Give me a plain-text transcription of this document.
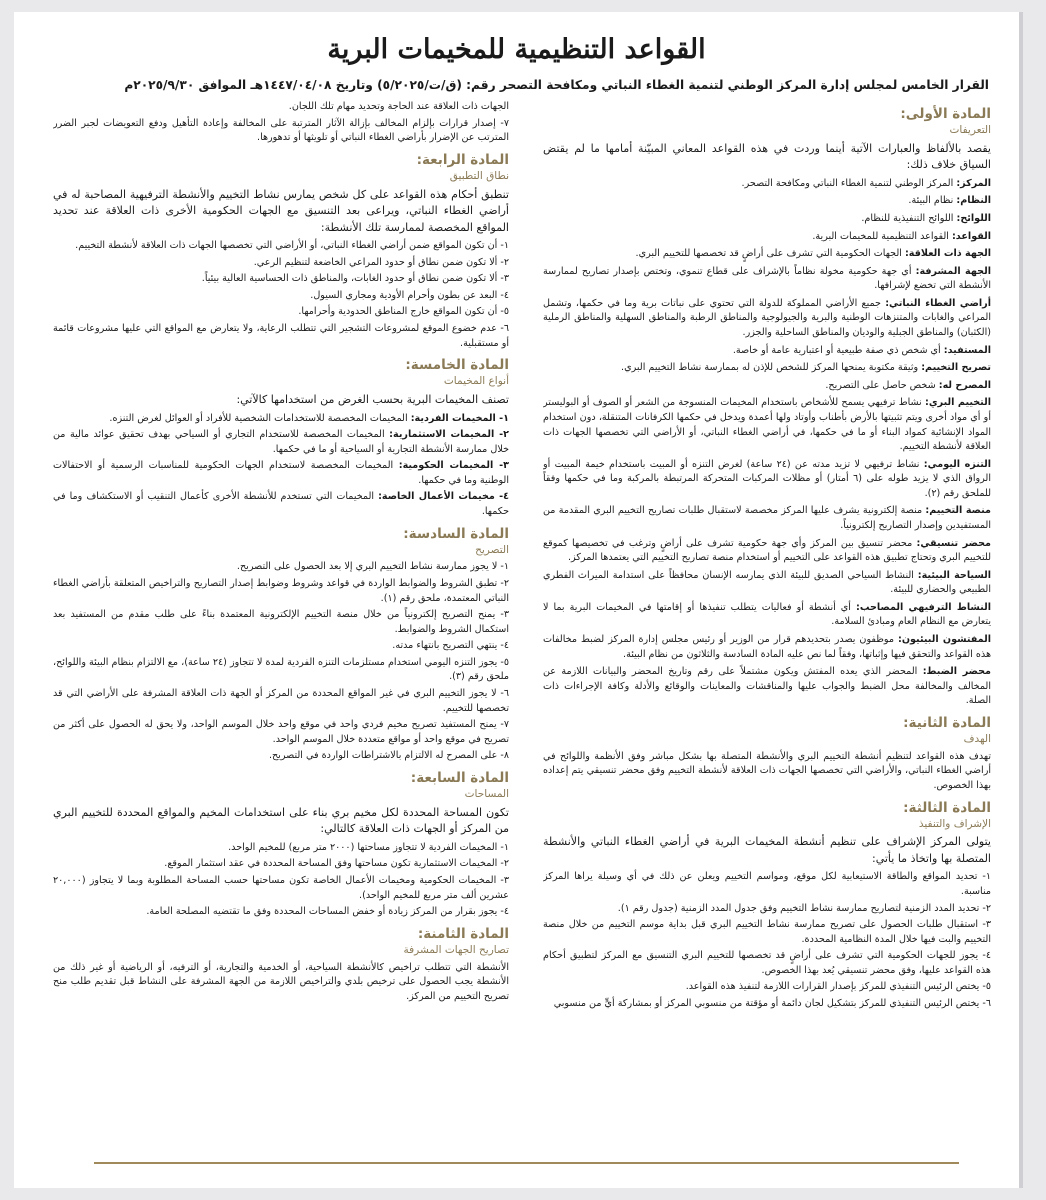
القواعد التنظيمية للمخيمات البرية
القرار الخامس لمجلس إدارة المركز الوطني لتنمية الغطاء النباتي ومكافحة التصحر رقم: (ق/ت/٥/٢٠٢٥) وتاريخ ١٤٤٧/٠٤/٠٨هـ الموافق ٢٠٢٥/٩/٣٠م
المادة الأولى:
التعريفات
يقصد بالألفاظ والعبارات الآتية أينما وردت في هذه القواعد المعاني المبيّنة أمامها ما لم يقتض السياق خلاف ذلك:
المركز: المركز الوطني لتنمية الغطاء النباتي ومكافحة التصحر.
النظام: نظام البيئة.
اللوائح: اللوائح التنفيذية للنظام.
القواعد: القواعد التنظيمية للمخيمات البرية.
الجهة ذات العلاقة: الجهات الحكومية التي تشرف على أراضٍ قد تخصصها للتخييم البري.
الجهة المشرفة: أي جهة حكومية مخولة نظاماً بالإشراف على قطاع تنموي، وتختص بإصدار تصاريح لممارسة الأنشطة التي تخضع لإشرافها.
أراضي الغطاء النباتي: جميع الأراضي المملوكة للدولة التي تحتوي على نباتات برية وما في حكمها، وتشمل المراعي والغابات والمتنزهات الوطنية والبرية والجيولوجية والمناطق الرطبة والمناطق السهلية والمناطق الرملية (الكثبان) والمناطق الجبلية والوديان والمناطق الساحلية والجزر.
المستفيد: أي شخص ذي صفة طبيعية أو اعتبارية عامة أو خاصة.
تصريح التخييم: وثيقة مكتوبة يمنحها المركز للشخص للإذن له بممارسة نشاط التخييم البري.
المصرح له: شخص حاصل على التصريح.
التخييم البري: نشاط ترفيهي يسمح للأشخاص باستخدام المخيمات المنسوجة من الشعر أو الصوف أو البوليستر أو أي مواد أخرى ويتم تثبيتها بالأرض بأطناب وأوتاد ولها أعمدة ويدخل في حكمها الكرفانات المتنقلة، دون استخدام المواد الإنشائية كمواد البناء أو ما في حكمها، في أراضي الغطاء النباتي، أو الأراضي التي تخصصها الجهات ذات العلاقة لأنشطة التخييم.
التنزه اليومي: نشاط ترفيهي لا تزيد مدته عن (٢٤ ساعة) لغرض التنزه أو المبيت باستخدام خيمة المبيت أو الرواق الذي لا يزيد طوله على (٦ أمتار) أو مظلات المركبات المتحركة المرتبطة بالمركبة وما في حكمها وفقاً للملحق رقم (٢).
منصة التخييم: منصة إلكترونية يشرف عليها المركز مخصصة لاستقبال طلبات تصاريح التخييم البري المقدمة من المستفيدين وإصدار التصاريح إلكترونياً.
محضر تنسيقي: محضر تنسيق بين المركز وأي جهة حكومية تشرف على أراضٍ وترغب في تخصيصها كموقع للتخييم البري وتحتاج تطبيق هذه القواعد على التخييم أو استخدام منصة تصاريح التخييم التي يعتمدها المركز.
السياحة البيئية: النشاط السياحي الصديق للبيئة الذي يمارسه الإنسان محافظاً على استدامة الميراث الفطري الطبيعي والحضاري للبيئة.
النشاط الترفيهي المصاحب: أي أنشطة أو فعاليات يتطلب تنفيذها أو إقامتها في المخيمات البرية بما لا يتعارض مع النظام العام ومبادئ السلامة.
المفتشون البيئيون: موظفون يصدر بتحديدهم قرار من الوزير أو رئيس مجلس إدارة المركز لضبط مخالفات هذه القواعد والتحقق فيها وإثباتها، وفقاً لما نص عليه المادة السادسة والثلاثون من نظام البيئة.
محضر الضبط: المحضر الذي يعده المفتش ويكون مشتملاً على رقم وتاريخ المحضر والبيانات اللازمة عن المخالف والمخالفة محل الضبط والجواب عليها والمناقشات والمعاينات والوقائع والأدلة وكافة الإجراءات ذات الصلة.
المادة الثانية:
الهدف
تهدف هذه القواعد لتنظيم أنشطة التخييم البري والأنشطة المتصلة بها بشكل مباشر وفق الأنظمة واللوائح في أراضي الغطاء النباتي، والأراضي التي تخصصها الجهات ذات العلاقة لأنشطة التخييم وفق محضر تنسيقي يتم إعداده بهذا الخصوص.
المادة الثالثة:
الإشراف والتنفيذ
يتولى المركز الإشراف على تنظيم أنشطة المخيمات البرية في أراضي الغطاء النباتي والأنشطة المتصلة بها واتخاذ ما يأتي:
١- تحديد المواقع والطاقة الاستيعابية لكل موقع، ومواسم التخييم ويعلن عن ذلك في أي وسيلة يراها المركز مناسبة.
٢- تحديد المدد الزمنية لتصاريح ممارسة نشاط التخييم وفق جدول المدد الزمنية (جدول رقم ١).
٣- استقبال طلبات الحصول على تصريح ممارسة نشاط التخييم البري قبل بداية موسم التخييم من خلال منصة التخييم والبت فيها خلال المدة النظامية المحددة.
٤- يجوز للجهات الحكومية التي تشرف على أراضٍ قد تخصصها للتخييم البري التنسيق مع المركز لتطبيق أحكام هذه القواعد عليها، وفق محضر تنسيقي يُعد بهذا الخصوص.
٥- يختص الرئيس التنفيذي للمركز بإصدار القرارات اللازمة لتنفيذ هذه القواعد.
٦- يختص الرئيس التنفيذي للمركز بتشكيل لجان دائمة أو مؤقتة من منسوبي المركز أو بمشاركة أيٍّ من منسوبي
الجهات ذات العلاقة عند الحاجة وتحديد مهام تلك اللجان.
٧- إصدار قرارات بإلزام المخالف بإزالة الآثار المترتبة على المخالفة وإعادة التأهيل ودفع التعويضات لجبر الضرر المترتب عن الإضرار بأراضي الغطاء النباتي أو تلويثها أو تدهورها.
المادة الرابعة:
نطاق التطبيق
تنطبق أحكام هذه القواعد على كل شخص يمارس نشاط التخييم والأنشطة الترفيهية المصاحبة له في أراضي الغطاء النباتي، ويراعى بعد التنسيق مع الجهات الحكومية الأخرى ذات العلاقة عند تحديد المواقع المخصصة لممارسة تلك الأنشطة:
١- أن تكون المواقع ضمن أراضي الغطاء النباتي، أو الأراضي التي تخصصها الجهات ذات العلاقة لأنشطة التخييم.
٢- ألا تكون ضمن نطاق أو حدود المراعي الخاضعة لتنظيم الرعي.
٣- ألا تكون ضمن نطاق أو حدود الغابات، والمناطق ذات الحساسية العالية بيئياً.
٤- البعد عن بطون وأحرام الأودية ومجاري السيول.
٥- أن تكون المواقع خارج المناطق الحدودية وأحرامها.
٦- عدم خضوع الموقع لمشروعات التشجير التي تتطلب الرعاية، ولا يتعارض مع المواقع التي عليها مشروعات قائمة أو مستقبلية.
المادة الخامسة:
أنواع المخيمات
تصنف المخيمات البرية بحسب الغرض من استخدامها كالآتي:
١- المخيمات الفردية: المخيمات المخصصة للاستخدامات الشخصية للأفراد أو العوائل لغرض التنزه.
٢- المخيمات الاستثمارية: المخيمات المخصصة للاستخدام التجاري أو السياحي بهدف تحقيق عوائد مالية من خلال ممارسة الأنشطة التجارية أو السياحية أو ما في حكمها.
٣- المخيمات الحكومية: المخيمات المخصصة لاستخدام الجهات الحكومية للمناسبات الرسمية أو الاحتفالات الوطنية وما في حكمها.
٤- مخيمات الأعمال الخاصة: المخيمات التي تستخدم للأنشطة الأخرى كأعمال التنقيب أو الاستكشاف وما في حكمها.
المادة السادسة:
التصريح
١- لا يجوز ممارسة نشاط التخييم البري إلا بعد الحصول على التصريح.
٢- تطبق الشروط والضوابط الواردة في قواعد وشروط وضوابط إصدار التصاريح والتراخيص المتعلقة بأراضي الغطاء النباتي المعتمدة، ملحق رقم (١).
٣- يمنح التصريح إلكترونياً من خلال منصة التخييم الإلكترونية المعتمدة بناءً على طلب مقدم من المستفيد بعد استكمال الشروط والضوابط.
٤- ينتهي التصريح بانتهاء مدته.
٥- يجوز التنزه اليومي استخدام مستلزمات التنزه الفردية لمدة لا تتجاوز (٢٤ ساعة)، مع الالتزام بنظام البيئة واللوائح، ملحق رقم (٣).
٦- لا يجوز التخييم البري في غير المواقع المحددة من المركز أو الجهة ذات العلاقة المشرفة على الأراضي التي قد تخصصها للتخييم.
٧- يمنح المستفيد تصريح مخيم فردي واحد في موقع واحد خلال الموسم الواحد، ولا يحق له الحصول على أكثر من تصريح في موقع واحد أو مواقع متعددة خلال الموسم الواحد.
٨- على المصرح له الالتزام بالاشتراطات الواردة في التصريح.
المادة السابعة:
المساحات
تكون المساحة المحددة لكل مخيم بري بناء على استخدامات المخيم والمواقع المحددة للتخييم البري من المركز أو الجهات ذات العلاقة كالتالي:
١- المخيمات الفردية لا تتجاوز مساحتها (٢٠٠٠ متر مربع) للمخيم الواحد.
٢- المخيمات الاستثمارية تكون مساحتها وفق المساحة المحددة في عقد استثمار الموقع.
٣- المخيمات الحكومية ومخيمات الأعمال الخاصة تكون مساحتها حسب المساحة المطلوبة وبما لا يتجاوز (٢٠,٠٠٠ عشرين ألف متر مربع للمخيم الواحد).
٤- يجوز بقرار من المركز زيادة أو خفض المساحات المحددة وفق ما تقتضيه المصلحة العامة.
المادة الثامنة:
تصاريح الجهات المشرفة
الأنشطة التي تتطلب تراخيص كالأنشطة السياحية، أو الخدمية والتجارية، أو الترفيه، أو الرياضية أو غير ذلك من الأنشطة يجب الحصول على ترخيص بلدي والتراخيص اللازمة من الجهة المشرفة على النشاط قبل تقديم طلب منح تصريح التخييم من المركز.
